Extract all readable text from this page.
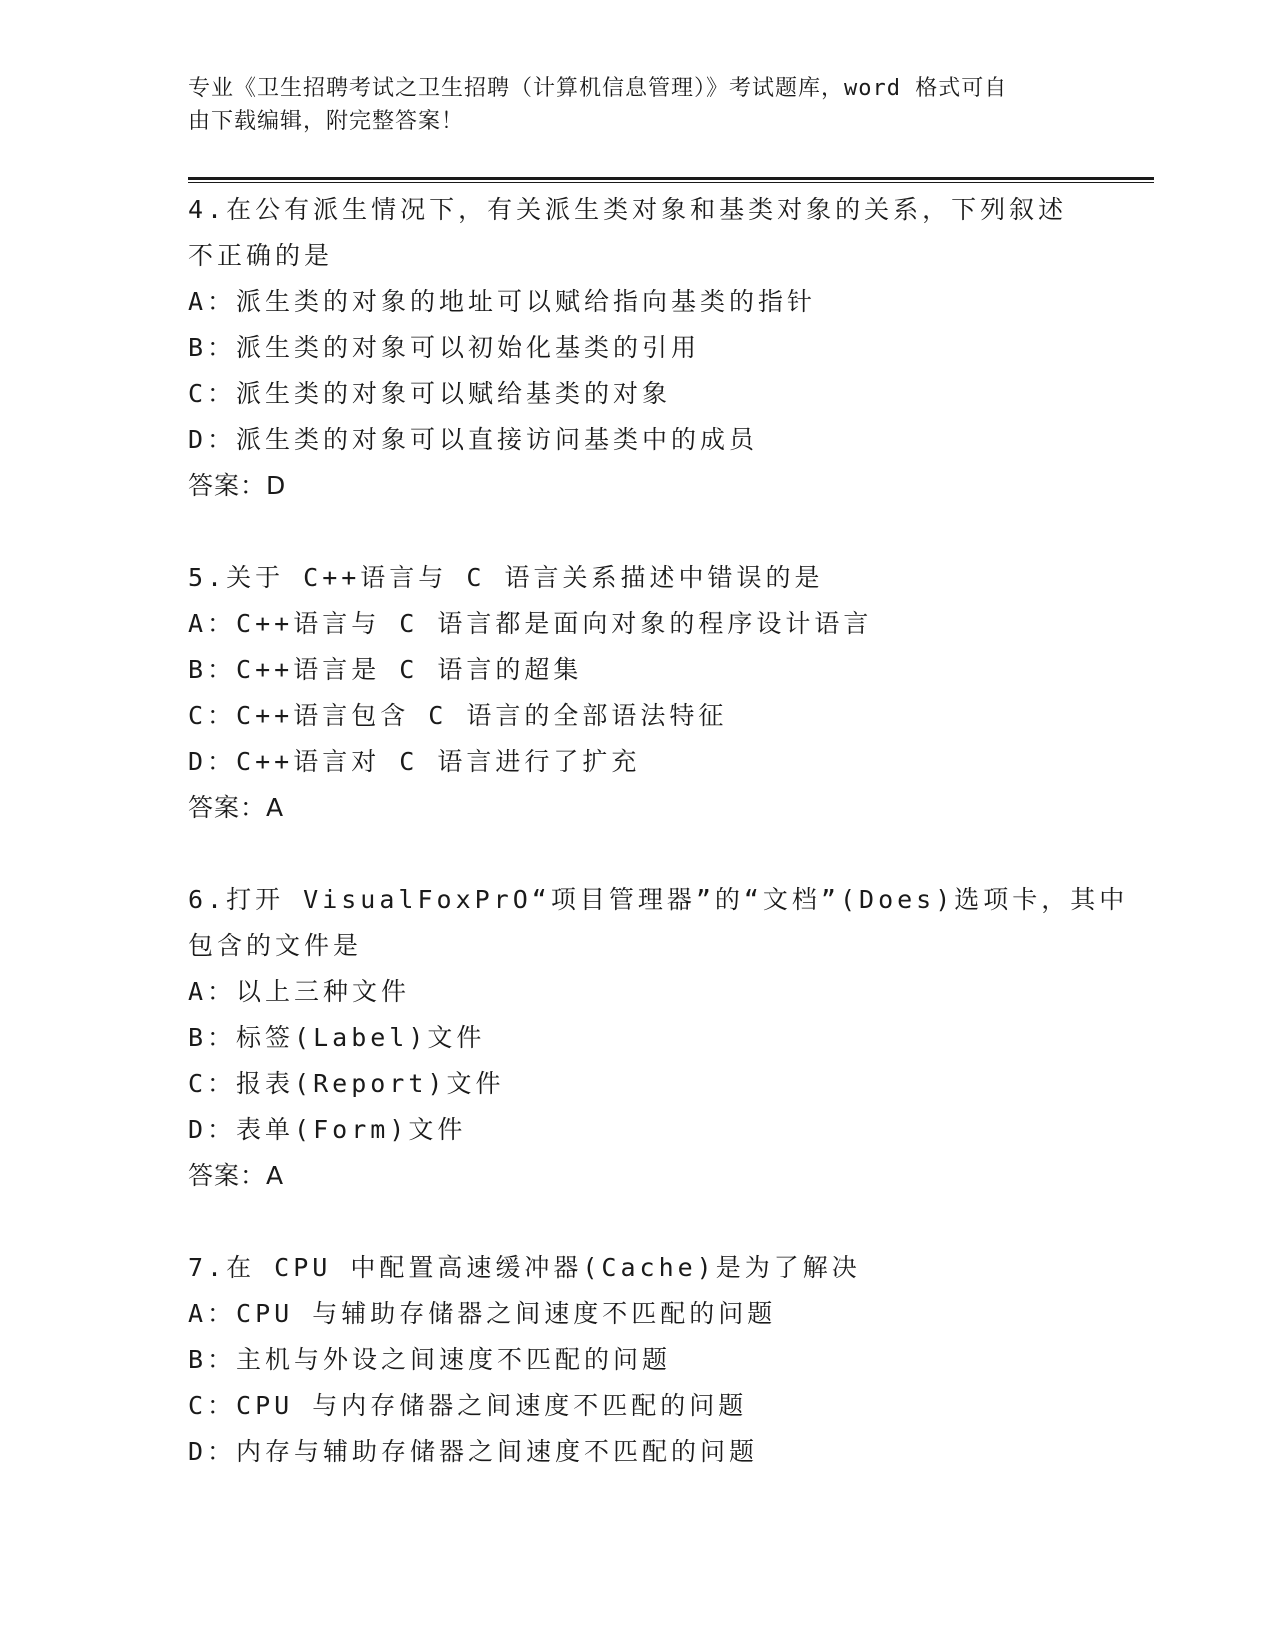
专业《卫生招聘考试之卫生招聘（计算机信息管理）》考试题库，word 格式可自
由下载编辑，附完整答案！
4.在公有派生情况下，有关派生类对象和基类对象的关系，下列叙述
不正确的是
A：派生类的对象的地址可以赋给指向基类的指针
B：派生类的对象可以初始化基类的引用
C：派生类的对象可以赋给基类的对象
D：派生类的对象可以直接访问基类中的成员
答案：D
5.关于 C++语言与 C 语言关系描述中错误的是
A：C++语言与 C 语言都是面向对象的程序设计语言
B：C++语言是 C 语言的超集
C：C++语言包含 C 语言的全部语法特征
D：C++语言对 C 语言进行了扩充
答案：A
6.打开 VisualFoxPrO“项目管理器”的“文档”(Does)选项卡，其中
包含的文件是
A：以上三种文件
B：标签(Label)文件
C：报表(Report)文件
D：表单(Form)文件
答案：A
7.在 CPU 中配置高速缓冲器(Cache)是为了解决
A：CPU 与辅助存储器之间速度不匹配的问题
B：主机与外设之间速度不匹配的问题
C：CPU 与内存储器之间速度不匹配的问题
D：内存与辅助存储器之间速度不匹配的问题
